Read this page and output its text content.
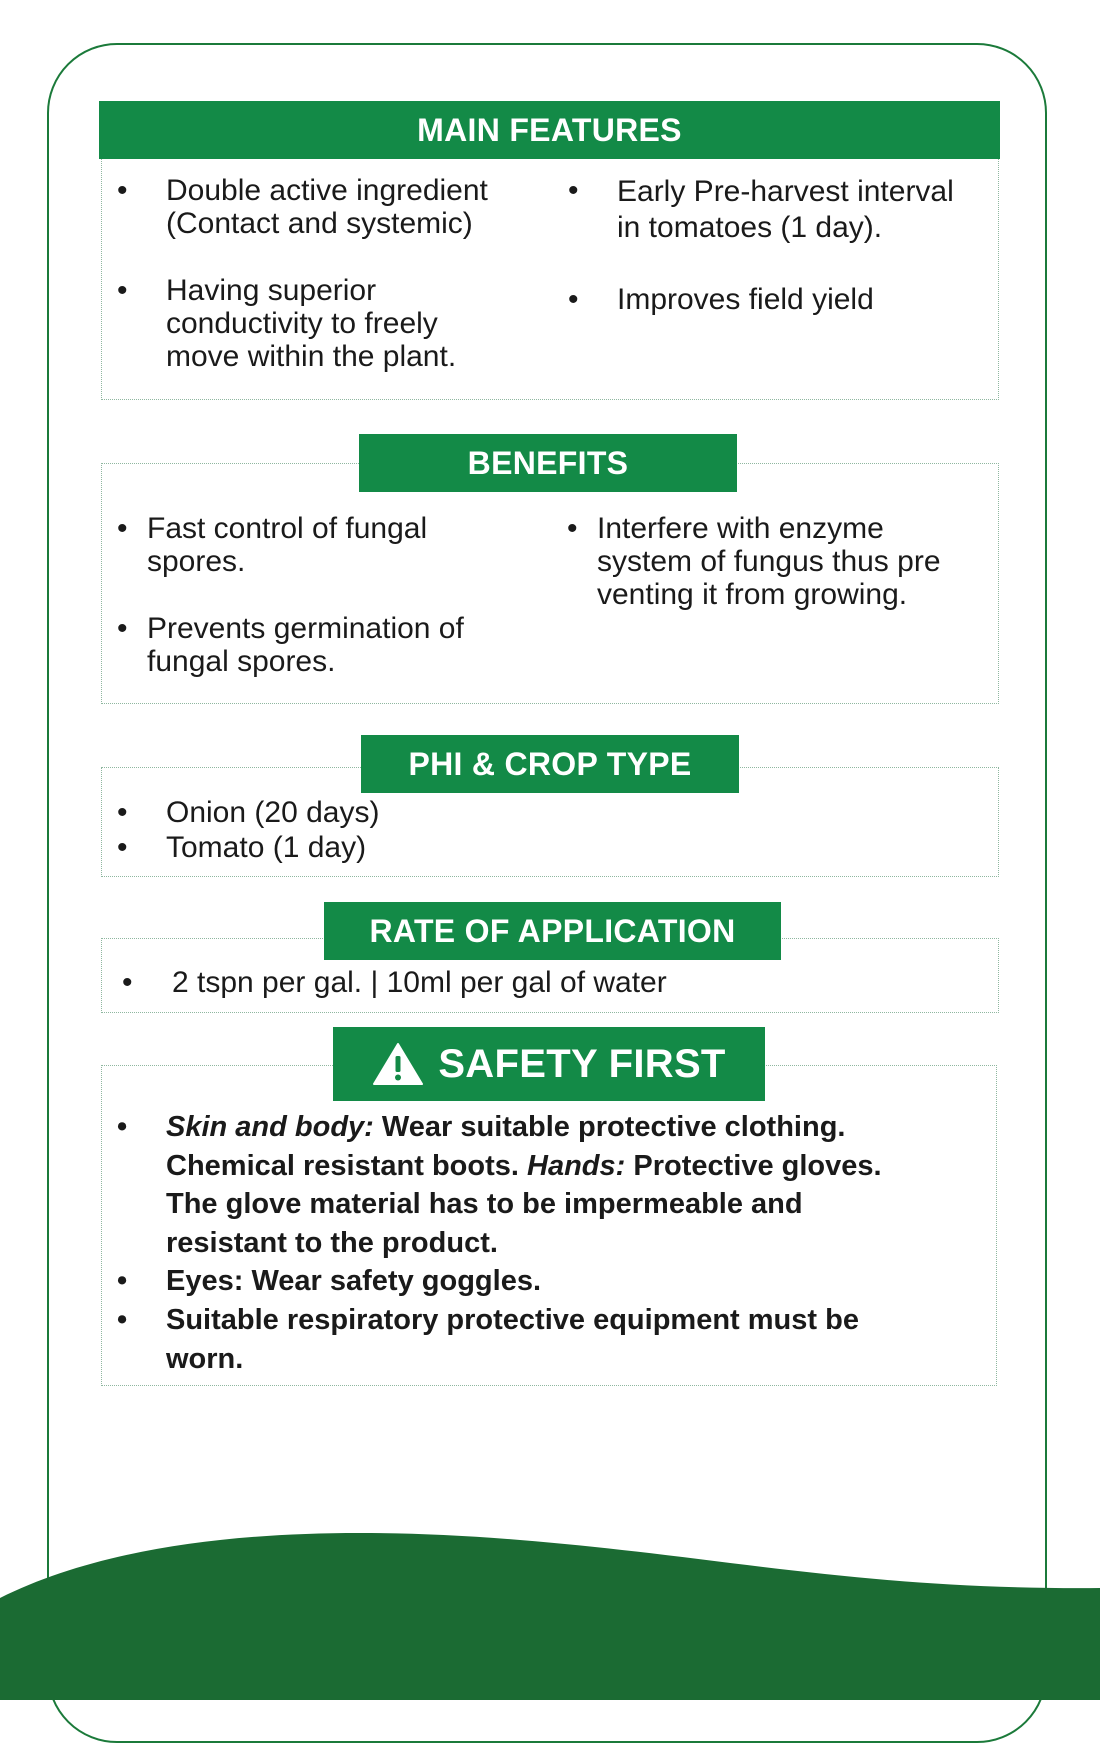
MAIN FEATURES
• Double active ingredient
(Contact and systemic)
• Having superior
conductivity to freely
move within the plant.
• Early Pre-harvest interval
in tomatoes (1 day).
• Improves field yield
BENEFITS
• Fast control of fungal
spores.
• Prevents germination of
fungal spores.
• Interfere with enzyme
system of fungus thus pre
venting it from growing.
PHI & CROP TYPE
• Onion (20 days)
• Tomato (1 day)
RATE OF APPLICATION
• 2 tspn per gal. | 10ml per gal of water
SAFETY FIRST
• Skin and body: Wear suitable protective clothing.
Chemical resistant boots. Hands: Protective gloves.
The glove material has to be impermeable and
resistant to the product.
• Eyes: Wear safety goggles.
• Suitable respiratory protective equipment must be
worn.
